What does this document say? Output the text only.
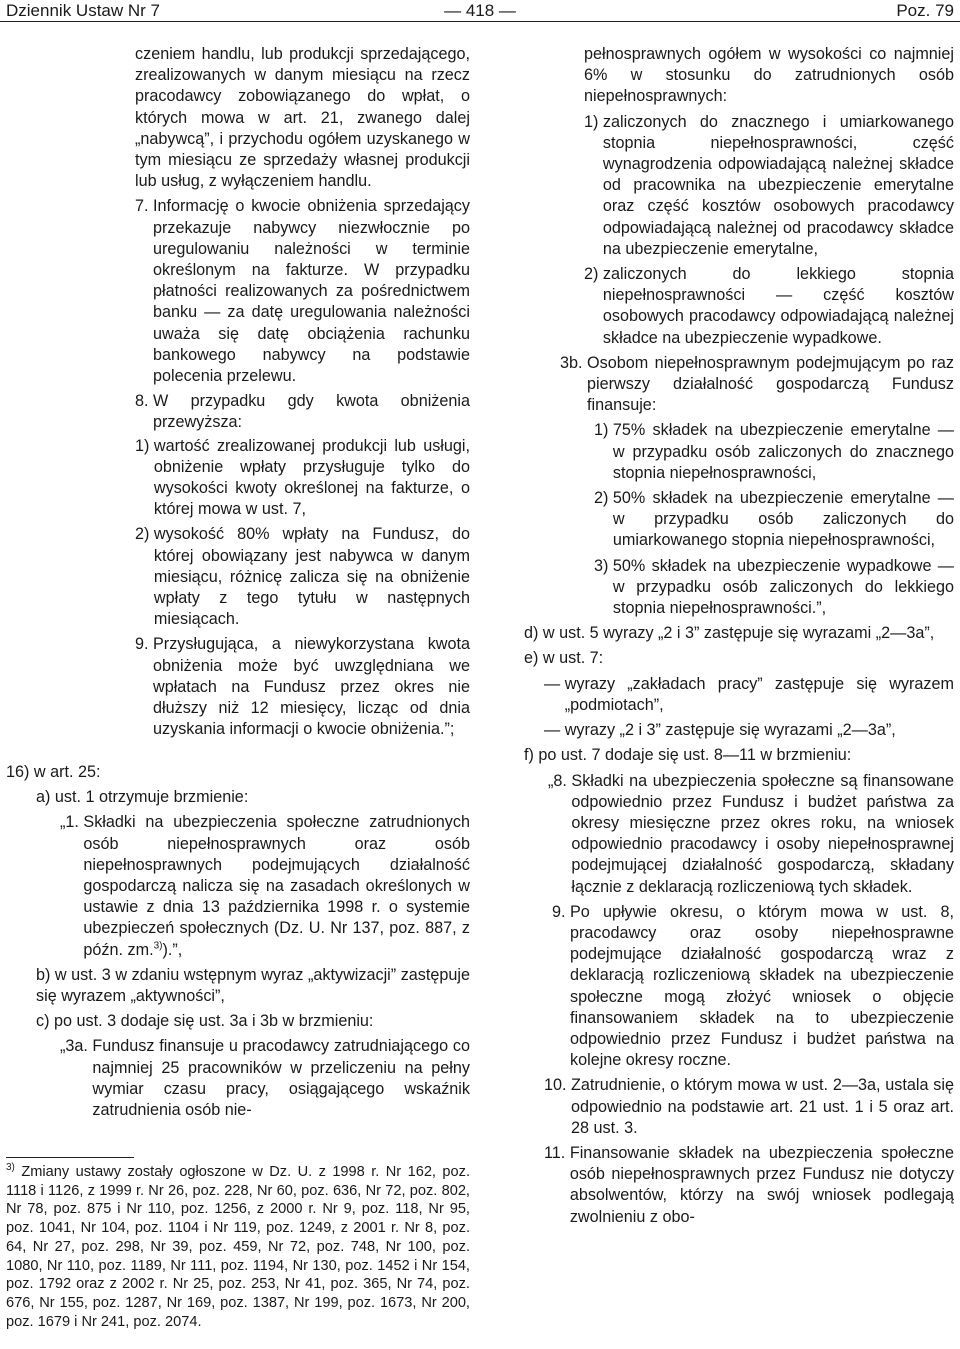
Dziennik Ustaw Nr 7	— 418 —	Poz. 79

czeniem handlu, lub produkcji sprzedającego, zrealizowanych w danym miesiącu na rzecz pracodawcy zobowiązanego do wpłat, o których mowa w art. 21, zwanego dalej „nabywcą”, i przychodu ogółem uzyskanego w tym miesiącu ze sprzedaży własnej produkcji lub usług, z wyłączeniem handlu.

7. Informację o kwocie obniżenia sprzedający przekazuje nabywcy niezwłocznie po uregulowaniu należności w terminie określonym na fakturze. W przypadku płatności realizowanych za pośrednictwem banku — za datę uregulowania należności uważa się datę obciążenia rachunku bankowego nabywcy na podstawie polecenia przelewu.
8. W przypadku gdy kwota obniżenia przewyższa:
1) wartość zrealizowanej produkcji lub usługi, obniżenie wpłaty przysługuje tylko do wysokości kwoty określonej na fakturze, o której mowa w ust. 7,
2) wysokość 80% wpłaty na Fundusz, do której obowiązany jest nabywca w danym miesiącu, różnicę zalicza się na obniżenie wpłaty z tego tytułu w następnych miesiącach.
9. Przysługująca, a niewykorzystana kwota obniżenia może być uwzględniana we wpłatach na Fundusz przez okres nie dłuższy niż 12 miesięcy, licząc od dnia uzyskania informacji o kwocie obniżenia.”;

16) w art. 25:

a) ust. 1 otrzymuje brzmienie:

„1. Składki na ubezpieczenia społeczne zatrudnionych osób niepełnosprawnych oraz osób niepełnosprawnych podejmujących działalność gospodarczą nalicza się na zasadach określonych w ustawie z dnia 13 października 1998 r. o systemie ubezpieczeń społecznych (Dz. U. Nr 137, poz. 887, z późn. zm.$^{3)}$).”,

b) w ust. 3 w zdaniu wstępnym wyraz „aktywizacji” zastępuje się wyrazem „aktywności”,

c) po ust. 3 dodaje się ust. 3a i 3b w brzmieniu:

„3a. Fundusz finansuje u pracodawcy zatrudniającego co najmniej 25 pracowników w przeliczeniu na pełny wymiar czasu pracy, osiągającego wskaźnik zatrudnienia osób nie-

$^{3)}$ Zmiany ustawy zostały ogłoszone w Dz. U. z 1998 r. Nr 162, poz. 1118 i 1126, z 1999 r. Nr 26, poz. 228, Nr 60, poz. 636, Nr 72, poz. 802, Nr 78, poz. 875 i Nr 110, poz. 1256, z 2000 r. Nr 9, poz. 118, Nr 95, poz. 1041, Nr 104, poz. 1104 i Nr 119, poz. 1249, z 2001 r. Nr 8, poz. 64, Nr 27, poz. 298, Nr 39, poz. 459, Nr 72, poz. 748, Nr 100, poz. 1080, Nr 110, poz. 1189, Nr 111, poz. 1194, Nr 130, poz. 1452 i Nr 154, poz. 1792 oraz z 2002 r. Nr 25, poz. 253, Nr 41, poz. 365, Nr 74, poz. 676, Nr 155, poz. 1287, Nr 169, poz. 1387, Nr 199, poz. 1673, Nr 200, poz. 1679 i Nr 241, poz. 2074.

pełnosprawnych ogółem w wysokości co najmniej 6% w stosunku do zatrudnionych osób niepełnosprawnych:

1) zaliczonych do znacznego i umiarkowanego stopnia niepełnosprawności, część wynagrodzenia odpowiadającą należnej składce od pracownika na ubezpieczenie emerytalne oraz część kosztów osobowych pracodawcy odpowiadającą należnej od pracodawcy składce na ubezpieczenie emerytalne,
2) zaliczonych do lekkiego stopnia niepełnosprawności — część kosztów osobowych pracodawcy odpowiadającą należnej składce na ubezpieczenie wypadkowe.
3b. Osobom niepełnosprawnym podejmującym po raz pierwszy działalność gospodarczą Fundusz finansuje:
1) 75% składek na ubezpieczenie emerytalne — w przypadku osób zaliczonych do znacznego stopnia niepełnosprawności,
2) 50% składek na ubezpieczenie emerytalne — w przypadku osób zaliczonych do umiarkowanego stopnia niepełnosprawności,
3) 50% składek na ubezpieczenie wypadkowe — w przypadku osób zaliczonych do lekkiego stopnia niepełnosprawności.”,
d) w ust. 5 wyrazy „2 i 3” zastępuje się wyrazami „2—3a”,
e) w ust. 7:
— wyrazy „zakładach pracy” zastępuje się wyrazem „podmiotach”,
— wyrazy „2 i 3” zastępuje się wyrazami „2—3a”,
f) po ust. 7 dodaje się ust. 8—11 w brzmieniu:
„8. Składki na ubezpieczenia społeczne są finansowane odpowiednio przez Fundusz i budżet państwa za okresy miesięczne przez okres roku, na wniosek odpowiednio pracodawcy i osoby niepełnosprawnej podejmującej działalność gospodarczą, składany łącznie z deklaracją rozliczeniową tych składek.
9. Po upływie okresu, o którym mowa w ust. 8, pracodawcy oraz osoby niepełnosprawne podejmujące działalność gospodarczą wraz z deklaracją rozliczeniową składek na ubezpieczenie społeczne mogą złożyć wniosek o objęcie finansowaniem składek na to ubezpieczenie odpowiednio przez Fundusz i budżet państwa na kolejne okresy roczne.
10. Zatrudnienie, o którym mowa w ust. 2—3a, ustala się odpowiednio na podstawie art. 21 ust. 1 i 5 oraz art. 28 ust. 3.
11. Finansowanie składek na ubezpieczenia społeczne osób niepełnosprawnych przez Fundusz nie dotyczy absolwentów, którzy na swój wniosek podlegają zwolnieniu z obo-
